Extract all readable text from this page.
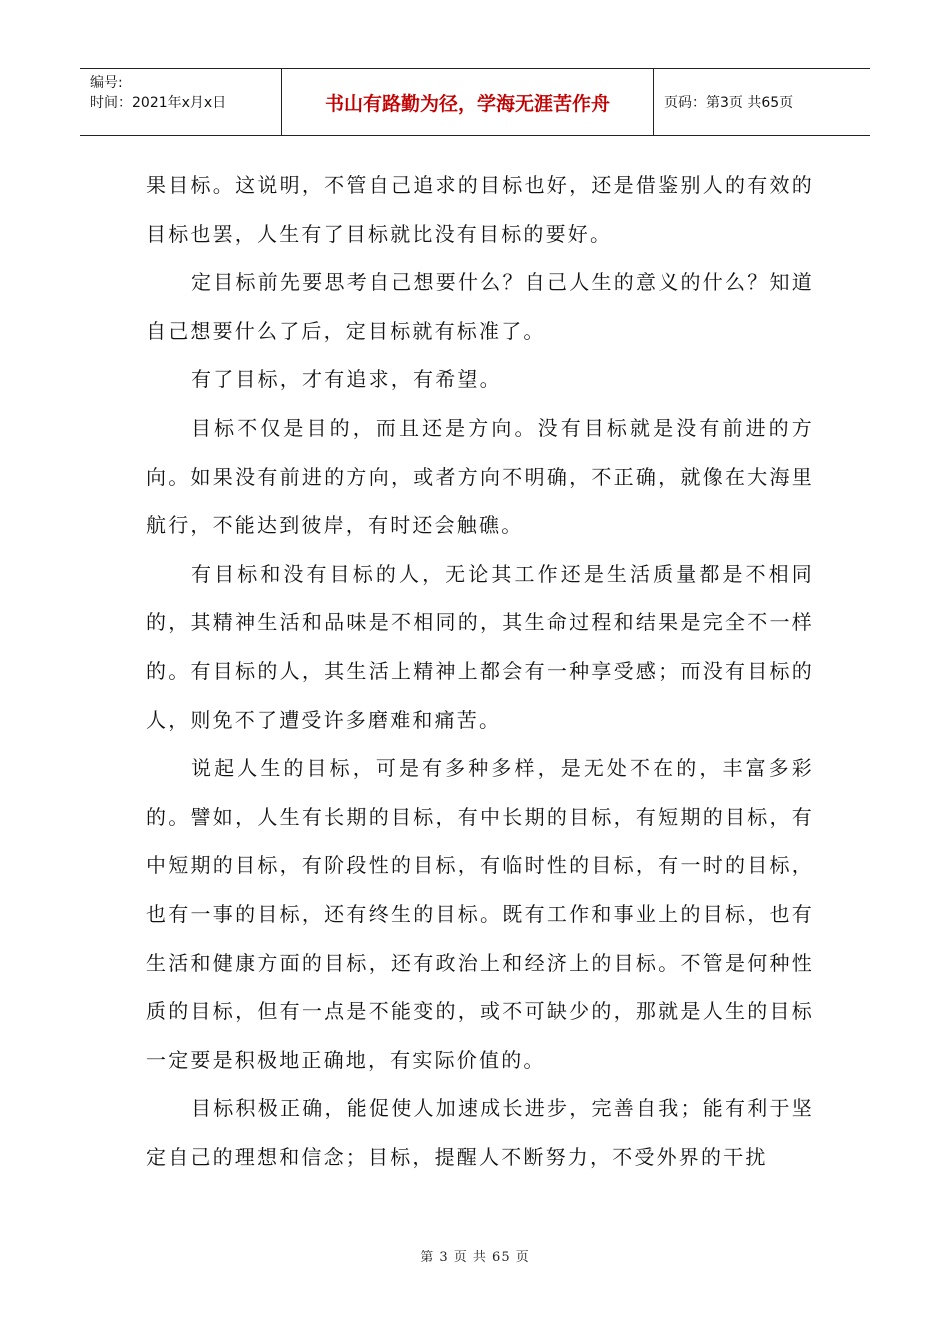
编号:
时间：2021年x月x日	书山有路勤为径，学海无涯苦作舟	页码：第3页 共65页

果目标。这说明，不管自己追求的目标也好，还是借鉴别人的有效的目标也罢，人生有了目标就比没有目标的要好。

定目标前先要思考自己想要什么？自己人生的意义的什么？知道自己想要什么了后，定目标就有标准了。

有了目标，才有追求，有希望。

目标不仅是目的，而且还是方向。没有目标就是没有前进的方向。如果没有前进的方向，或者方向不明确，不正确，就像在大海里航行，不能达到彼岸，有时还会触礁。

有目标和没有目标的人，无论其工作还是生活质量都是不相同的，其精神生活和品味是不相同的，其生命过程和结果是完全不一样的。有目标的人，其生活上精神上都会有一种享受感；而没有目标的人，则免不了遭受许多磨难和痛苦。

说起人生的目标，可是有多种多样，是无处不在的，丰富多彩的。譬如，人生有长期的目标，有中长期的目标，有短期的目标，有中短期的目标，有阶段性的目标，有临时性的目标，有一时的目标，也有一事的目标，还有终生的目标。既有工作和事业上的目标，也有生活和健康方面的目标，还有政治上和经济上的目标。不管是何种性质的目标，但有一点是不能变的，或不可缺少的，那就是人生的目标一定要是积极地正确地，有实际价值的。

目标积极正确，能促使人加速成长进步，完善自我；能有利于坚定自己的理想和信念；目标，提醒人不断努力，不受外界的干扰

第 3 页 共 65 页
